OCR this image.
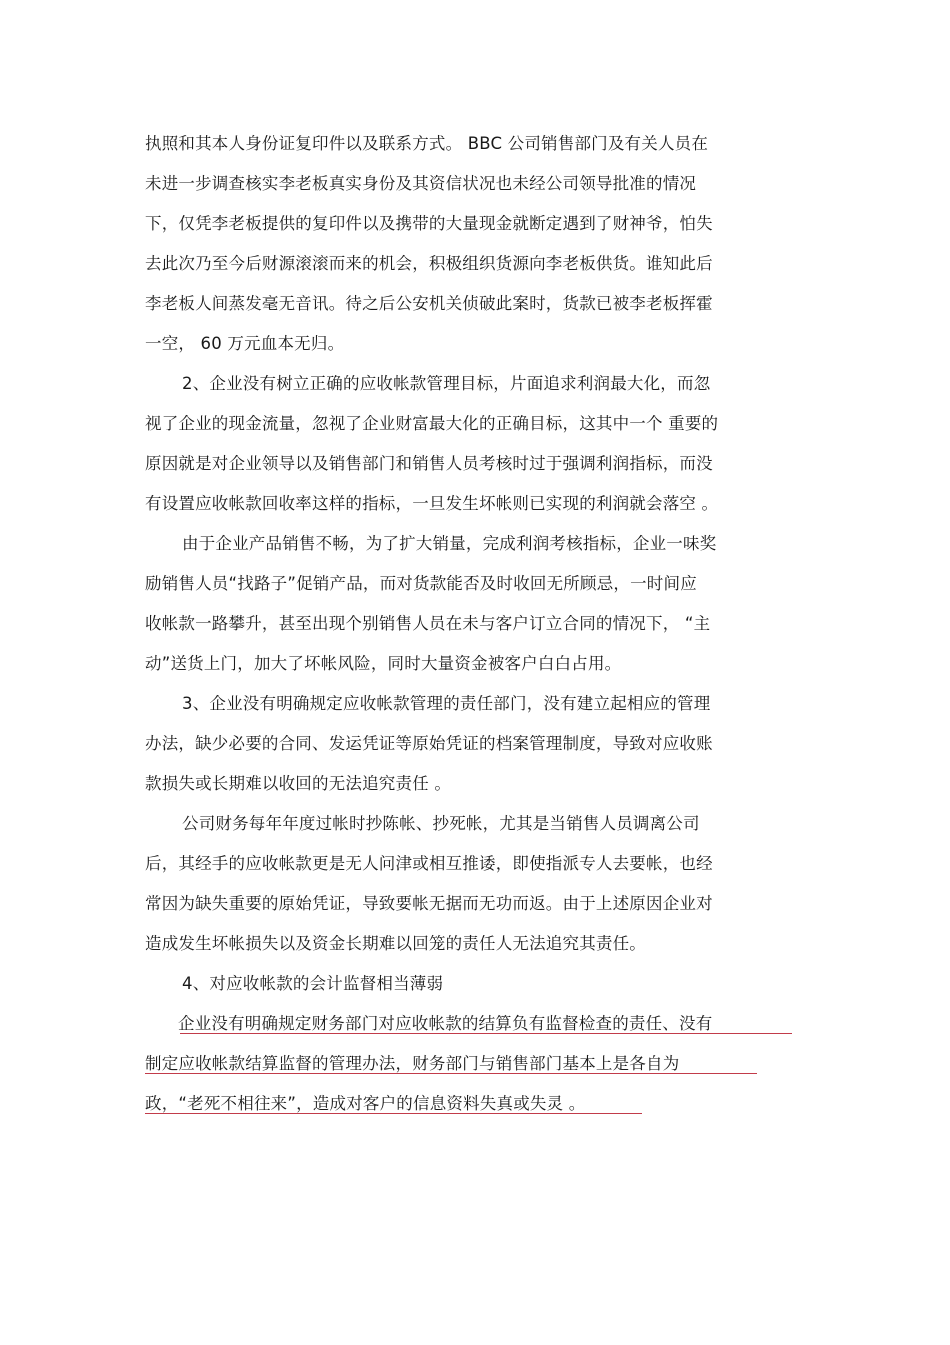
执照和其本人身份证复印件以及联系方式。 BBC 公司销售部门及有关人员在
未进一步调查核实李老板真实身份及其资信状况也未经公司领导批准的情况
下，仅凭李老板提供的复印件以及携带的大量现金就断定遇到了财神爷，怕失
去此次乃至今后财源滚滚而来的机会，积极组织货源向李老板供货。谁知此后
李老板人间蒸发毫无音讯。待之后公安机关侦破此案时，货款已被李老板挥霍
一空， 60 万元血本无归。
2、企业没有树立正确的应收帐款管理目标，片面追求利润最大化，而忽
视了企业的现金流量，忽视了企业财富最大化的正确目标，这其中一个 重要的
原因就是对企业领导以及销售部门和销售人员考核时过于强调利润指标，而没
有设置应收帐款回收率这样的指标，一旦发生坏帐则已实现的利润就会落空 。
由于企业产品销售不畅，为了扩大销量，完成利润考核指标，企业一味奖
励销售人员“找路子”促销产品，而对货款能否及时收回无所顾忌，一时间应
收帐款一路攀升，甚至出现个别销售人员在未与客户订立合同的情况下， “主
动”送货上门，加大了坏帐风险，同时大量资金被客户白白占用。
3、企业没有明确规定应收帐款管理的责任部门，没有建立起相应的管理
办法，缺少必要的合同、发运凭证等原始凭证的档案管理制度，导致对应收账
款损失或长期难以收回的无法追究责任 。
公司财务每年年度过帐时抄陈帐、抄死帐，尤其是当销售人员调离公司
后，其经手的应收帐款更是无人问津或相互推诿，即使指派专人去要帐，也经
常因为缺失重要的原始凭证，导致要帐无据而无功而返。由于上述原因企业对
造成发生坏帐损失以及资金长期难以回笼的责任人无法追究其责任。
4、对应收帐款的会计监督相当薄弱
企业没有明确规定财务部门对应收帐款的结算负有监督检查的责任、没有
制定应收帐款结算监督的管理办法，财务部门与销售部门基本上是各自为
政，“老死不相往来”，造成对客户的信息资料失真或失灵 。
